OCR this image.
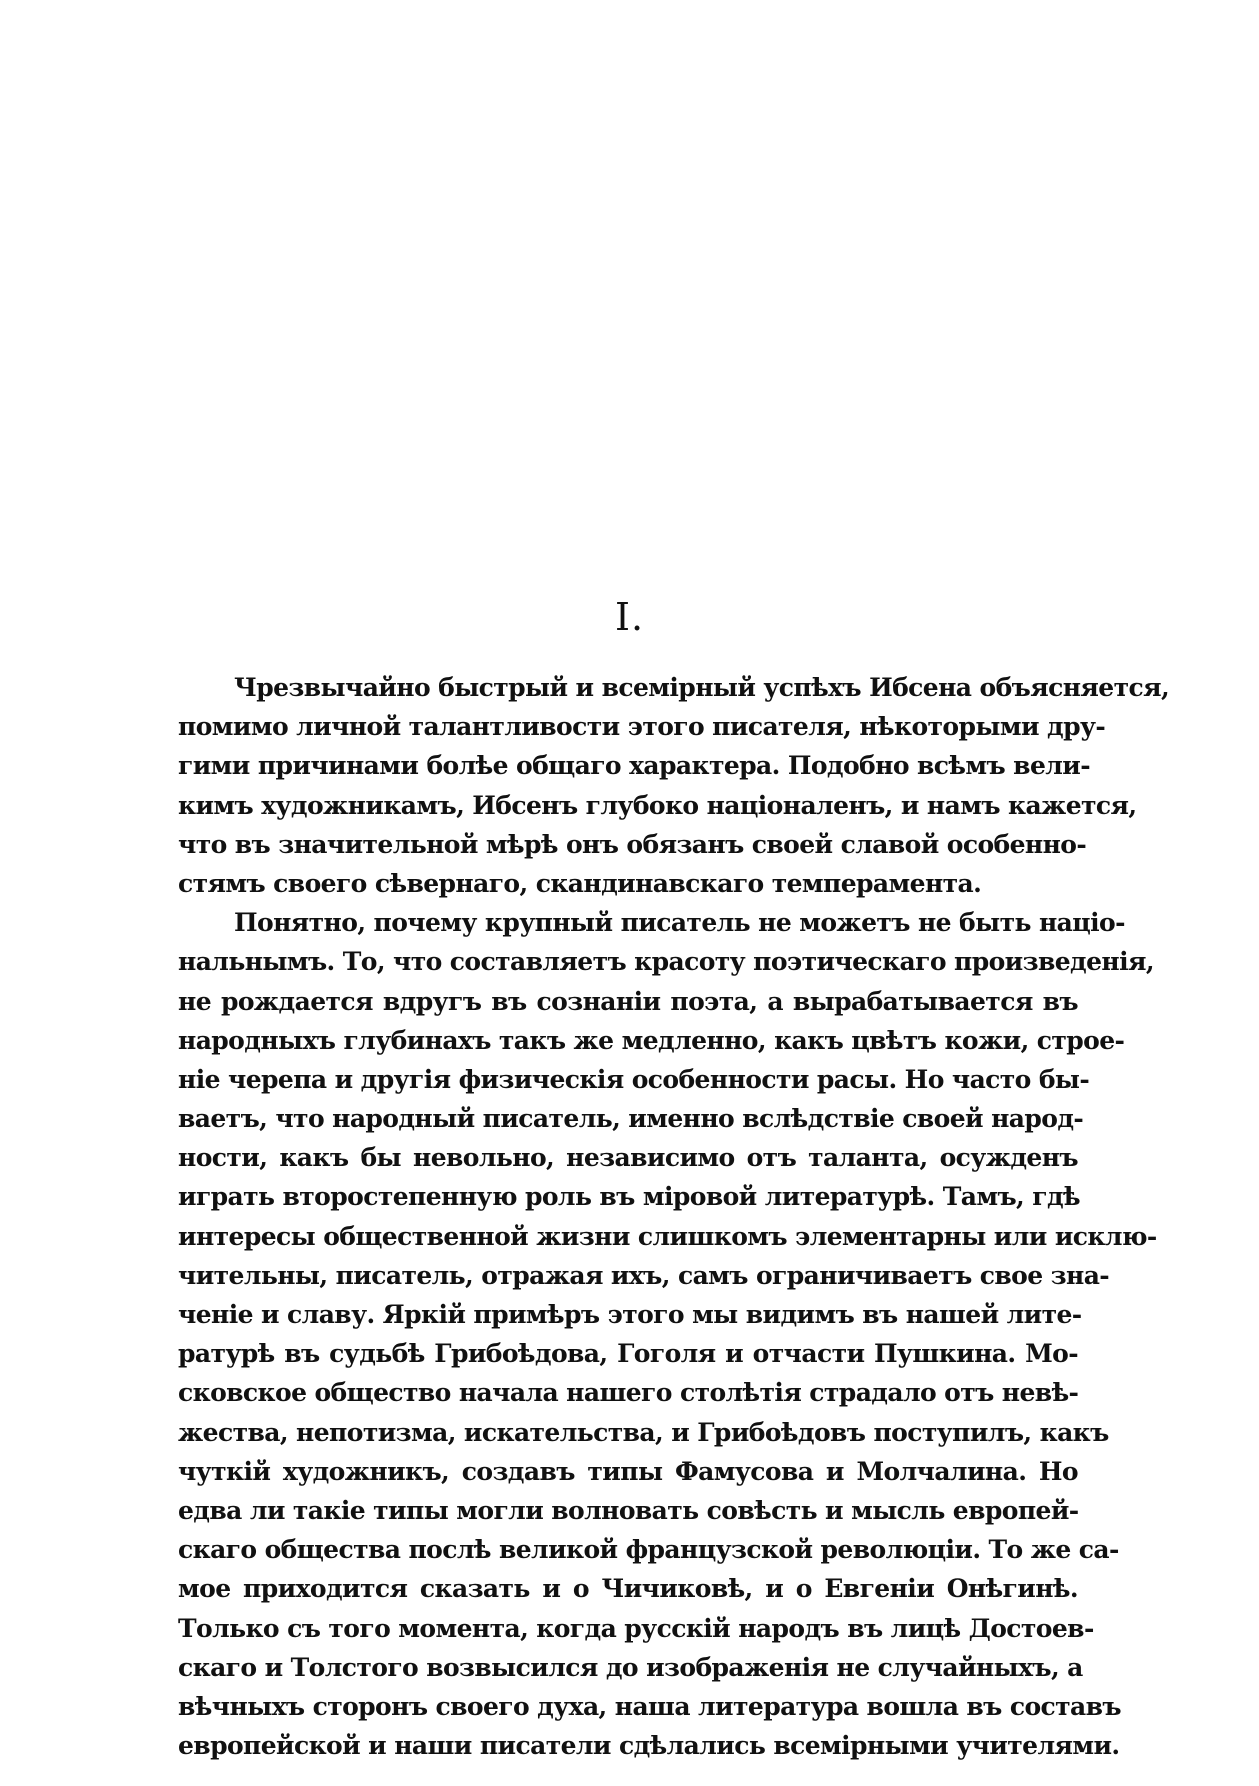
I.
Чрезвычайно быстрый и всемірный успѣхъ Ибсена объясняется,
помимо личной талантливости этого писателя, нѣкоторыми дру-
гими причинами болѣе общаго характера. Подобно всѣмъ вели-
кимъ художникамъ, Ибсенъ глубоко націоналенъ, и намъ кажется,
что въ значительной мѣрѣ онъ обязанъ своей славой особенно-
стямъ своего сѣвернаго, скандинавскаго темперамента.
Понятно, почему крупный писатель не можетъ не быть націо-
нальнымъ. То, что составляетъ красоту поэтическаго произведенія,
не рождается вдругъ въ сознаніи поэта, а вырабатывается въ
народныхъ глубинахъ такъ же медленно, какъ цвѣтъ кожи, строе-
ніе черепа и другія физическія особенности расы. Но часто бы-
ваетъ, что народный писатель, именно вслѣдствіе своей народ-
ности, какъ бы невольно, независимо отъ таланта, осужденъ
играть второстепенную роль въ міровой литературѣ. Тамъ, гдѣ
интересы общественной жизни слишкомъ элементарны или исклю-
чительны, писатель, отражая ихъ, самъ ограничиваетъ свое зна-
ченіе и славу. Яркій примѣръ этого мы видимъ въ нашей лите-
ратурѣ въ судьбѣ Грибоѣдова, Гоголя и отчасти Пушкина. Мо-
сковское общество начала нашего столѣтія страдало отъ невѣ-
жества, непотизма, искательства, и Грибоѣдовъ поступилъ, какъ
чуткій художникъ, создавъ типы Фамусова и Молчалина. Но
едва ли такіе типы могли волновать совѣсть и мысль европей-
скаго общества послѣ великой французской революціи. То же са-
мое приходится сказать и о Чичиковѣ, и о Евгеніи Онѣгинѣ.
Только съ того момента, когда русскій народъ въ лицѣ Достоев-
скаго и Толстого возвысился до изображенія не случайныхъ, а
вѣчныхъ сторонъ своего духа, наша литература вошла въ составъ
европейской и наши писатели сдѣлались всемірными учителями.
